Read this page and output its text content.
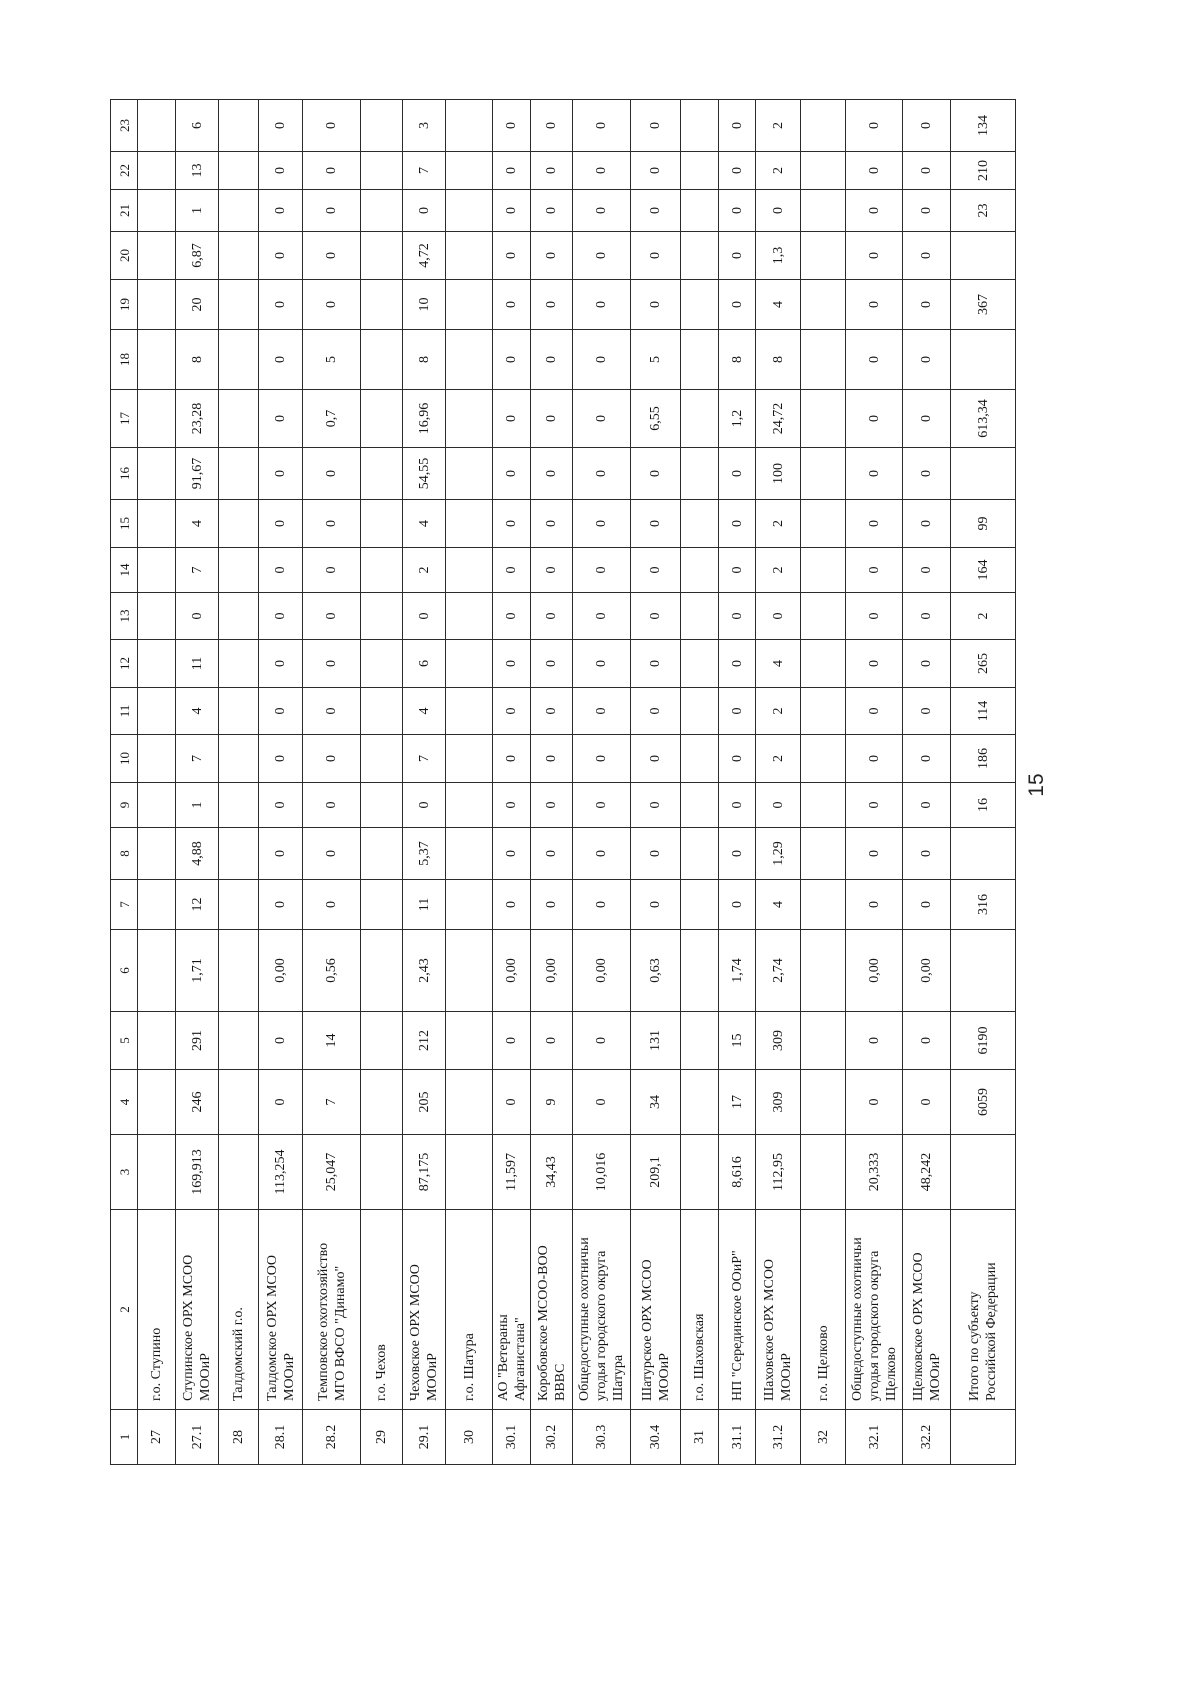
1	2	3	4	5	6	7	8	9	10	11	12	13	14	15	16	17	18	19	20	21	22	23
27	г.о. Ступино																					
27.1	Ступинское ОРХ МСОО
МООиР	169,913	246	291	1,71	12	4,88	1	7	4	11	0	7	4	91,67	23,28	8	20	6,87	1	13	6
28	Талдомский г.о.																					
28.1	Талдомское ОРХ МСОО
МООиР	113,254	0	0	0,00	0	0	0	0	0	0	0	0	0	0	0	0	0	0	0	0	0
28.2	Темповское охотхозяйство
МГО ВФСО "Динамо"	25,047	7	14	0,56	0	0	0	0	0	0	0	0	0	0	0,7	5	0	0	0	0	0
29	г.о. Чехов																					
29.1	Чеховское ОРХ МСОО
МООиР	87,175	205	212	2,43	11	5,37	0	7	4	6	0	2	4	54,55	16,96	8	10	4,72	0	7	3
30	г.о. Шатура																					
30.1	АО "Ветераны
Афганистана"	11,597	0	0	0,00	0	0	0	0	0	0	0	0	0	0	0	0	0	0	0	0	0
30.2	Коробовское МСОО-ВОО
ВВВС	34,43	9	0	0,00	0	0	0	0	0	0	0	0	0	0	0	0	0	0	0	0	0
30.3	Общедоступные охотничьи
угодья городского округа
Шатура	10,016	0	0	0,00	0	0	0	0	0	0	0	0	0	0	0	0	0	0	0	0	0
30.4	Шатурское ОРХ МСОО
МООиР	209,1	34	131	0,63	0	0	0	0	0	0	0	0	0	0	6,55	5	0	0	0	0	0
31	г.о. Шаховская																					
31.1	НП "Серединское ООиР"	8,616	17	15	1,74	0	0	0	0	0	0	0	0	0	0	1,2	8	0	0	0	0	0
31.2	Шаховское ОРХ МСОО
МООиР	112,95	309	309	2,74	4	1,29	0	2	2	4	0	2	2	100	24,72	8	4	1,3	0	2	2
32	г.о. Щелково																					
32.1	Общедоступные охотничьи
угодья городского округа
Щелково	20,333	0	0	0,00	0	0	0	0	0	0	0	0	0	0	0	0	0	0	0	0	0
32.2	Щелковское ОРХ МСОО
МООиР	48,242	0	0	0,00	0	0	0	0	0	0	0	0	0	0	0	0	0	0	0	0	0
	Итого по субъекту
Российской Федерации		6059	6190		316		16	186	114	265	2	164	99		613,34		367		23	210	134
15
